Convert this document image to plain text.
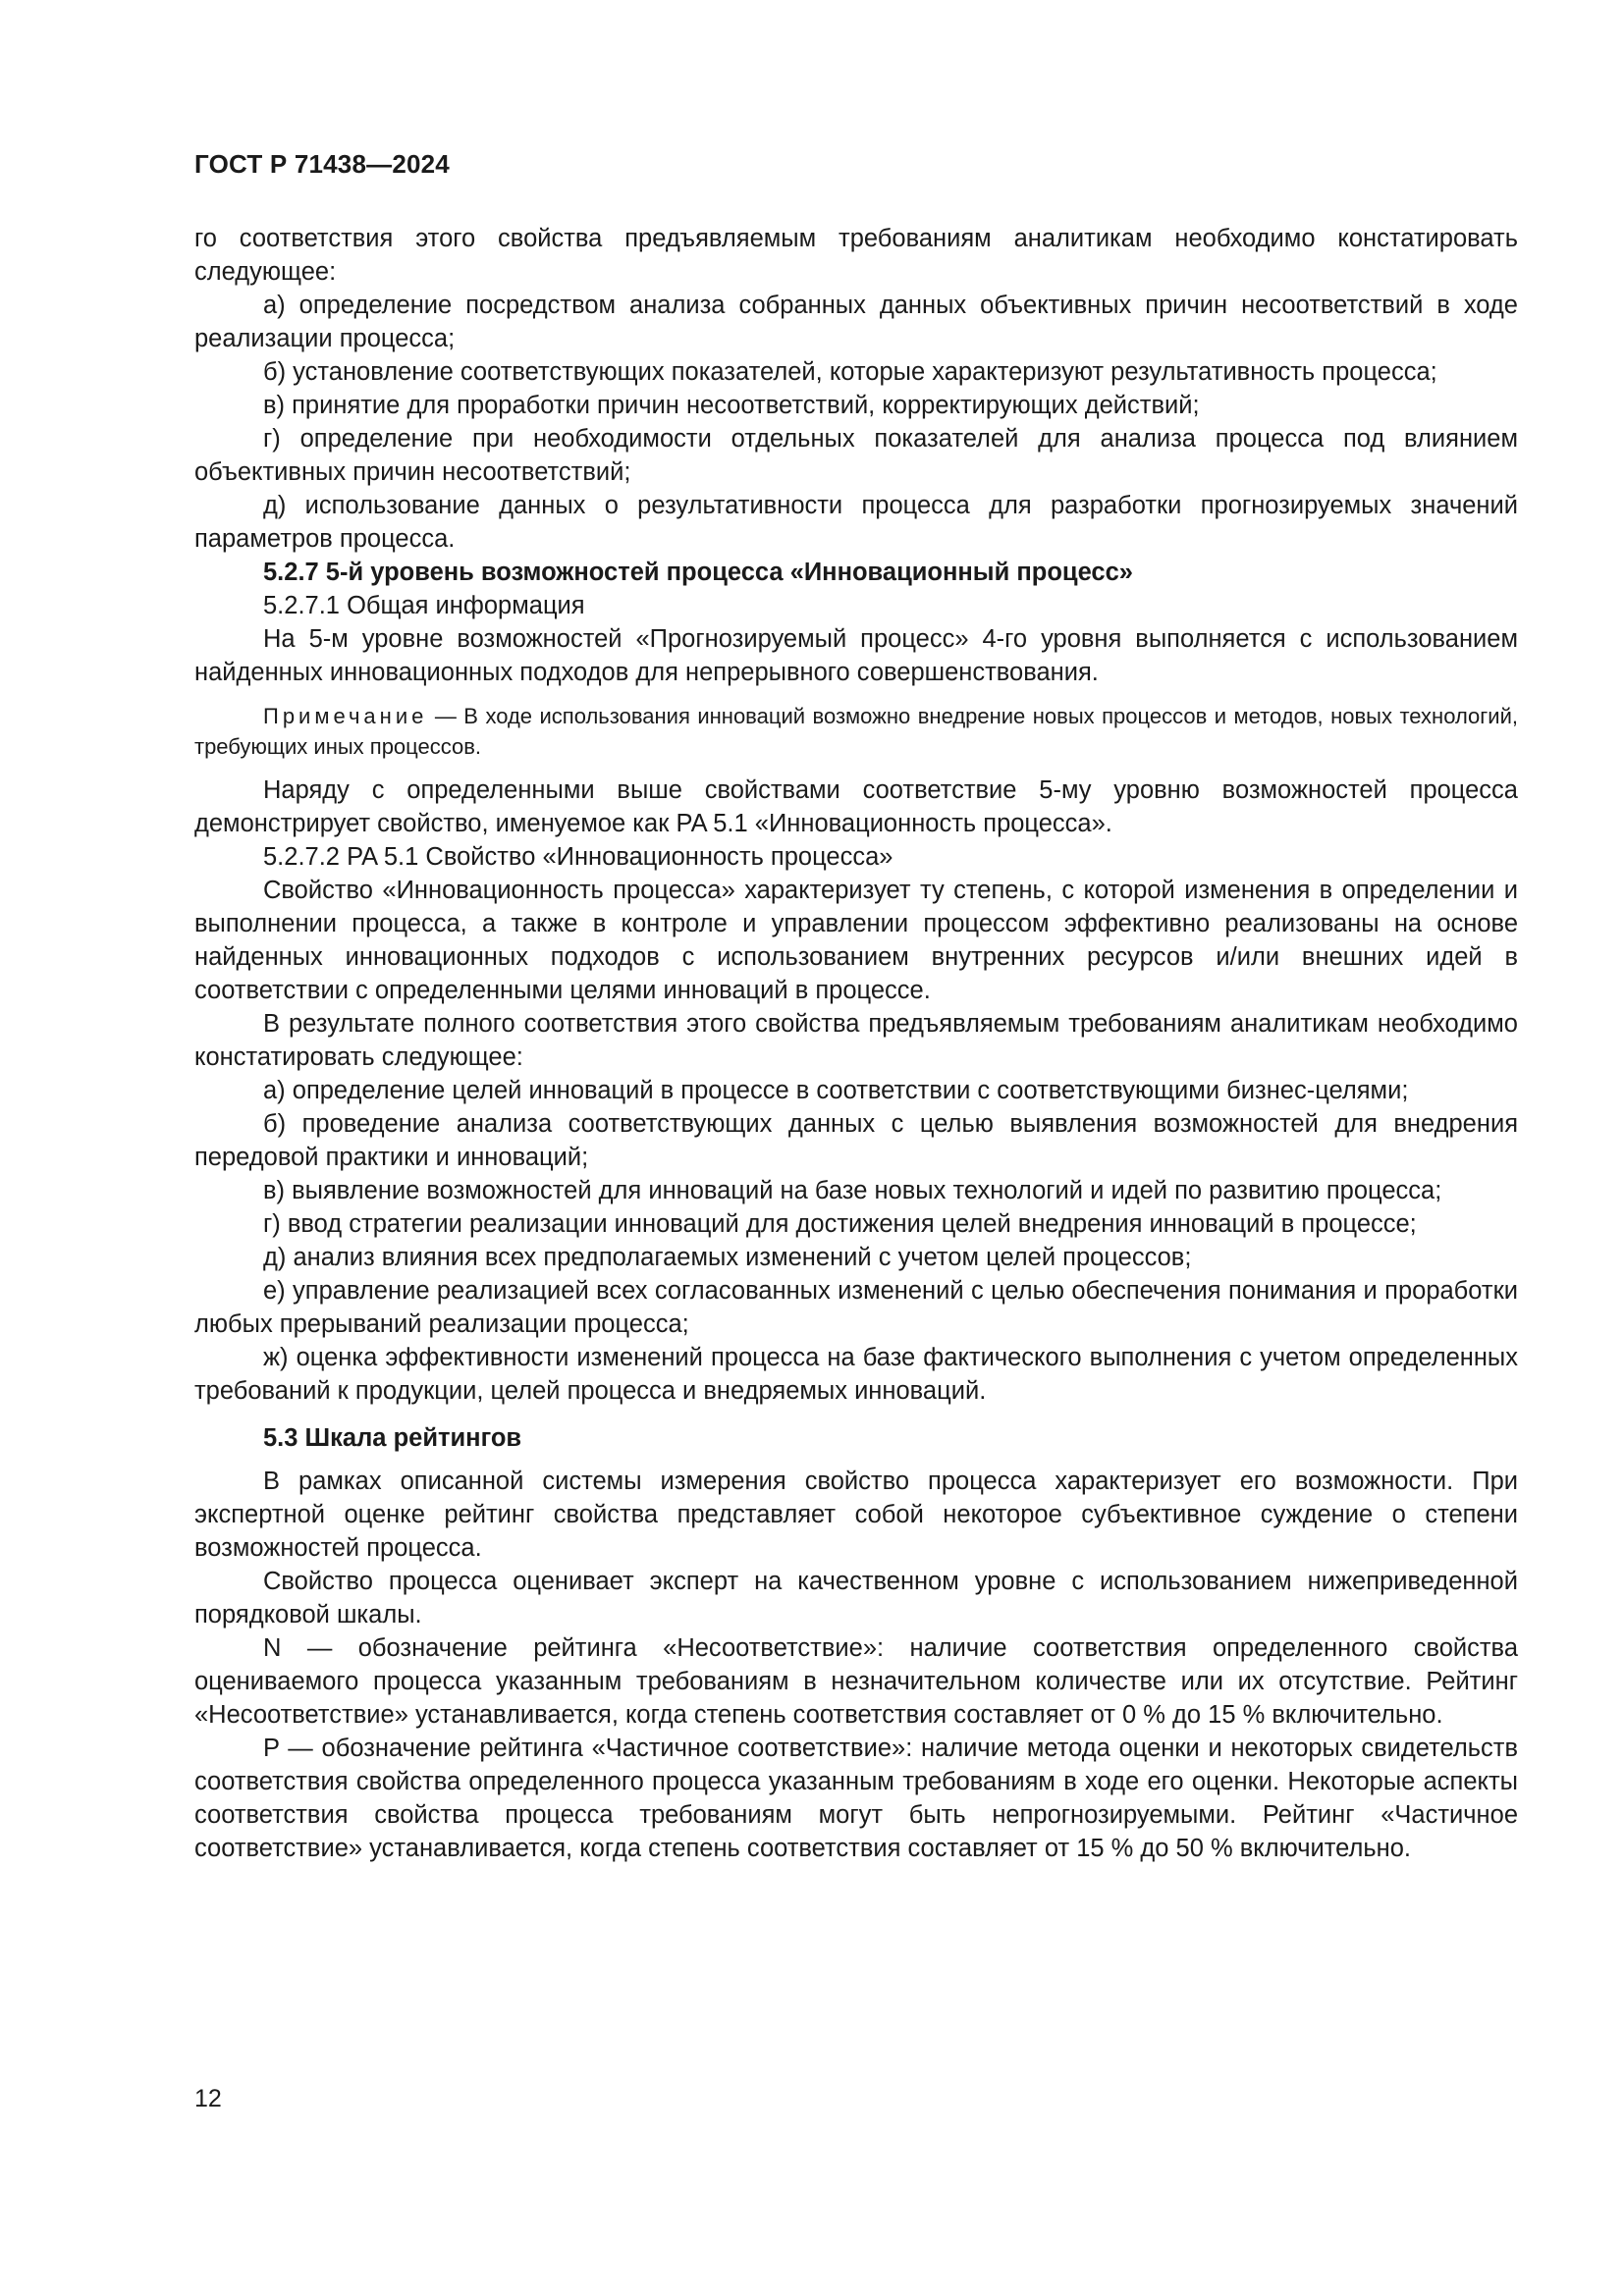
ГОСТ Р 71438—2024

го соответствия этого свойства предъявляемым требованиям аналитикам необходимо констатировать следующее:

а) определение посредством анализа собранных данных объективных причин несоответствий в ходе реализации процесса;

б) установление соответствующих показателей, которые характеризуют результативность процесса;

в) принятие для проработки причин несоответствий, корректирующих действий;

г) определение при необходимости отдельных показателей для анализа процесса под влиянием объективных причин несоответствий;

д) использование данных о результативности процесса для разработки прогнозируемых значений параметров процесса.

5.2.7 5-й уровень возможностей процесса «Инновационный процесс»

5.2.7.1 Общая информация

На 5-м уровне возможностей «Прогнозируемый процесс» 4-го уровня выполняется с использованием найденных инновационных подходов для непрерывного совершенствования.

Примечание — В ходе использования инноваций возможно внедрение новых процессов и методов, новых технологий, требующих иных процессов.

Наряду с определенными выше свойствами соответствие 5-му уровню возможностей процесса демонстрирует свойство, именуемое как PA 5.1 «Инновационность процесса».

5.2.7.2 PA 5.1 Свойство «Инновационность процесса»

Свойство «Инновационность процесса» характеризует ту степень, с которой изменения в определении и выполнении процесса, а также в контроле и управлении процессом эффективно реализованы на основе найденных инновационных подходов с использованием внутренних ресурсов и/или внешних идей в соответствии с определенными целями инноваций в процессе.

В результате полного соответствия этого свойства предъявляемым требованиям аналитикам необходимо констатировать следующее:

а) определение целей инноваций в процессе в соответствии с соответствующими бизнес-целями;

б) проведение анализа соответствующих данных с целью выявления возможностей для внедрения передовой практики и инноваций;

в) выявление возможностей для инноваций на базе новых технологий и идей по развитию процесса;

г) ввод стратегии реализации инноваций для достижения целей внедрения инноваций в процессе;

д) анализ влияния всех предполагаемых изменений с учетом целей процессов;

е) управление реализацией всех согласованных изменений с целью обеспечения понимания и проработки любых прерываний реализации процесса;

ж) оценка эффективности изменений процесса на базе фактического выполнения с учетом определенных требований к продукции, целей процесса и внедряемых инноваций.

5.3 Шкала рейтингов

В рамках описанной системы измерения свойство процесса характеризует его возможности. При экспертной оценке рейтинг свойства представляет собой некоторое субъективное суждение о степени возможностей процесса.

Свойство процесса оценивает эксперт на качественном уровне с использованием нижеприведенной порядковой шкалы.

N — обозначение рейтинга «Несоответствие»: наличие соответствия определенного свойства оцениваемого процесса указанным требованиям в незначительном количестве или их отсутствие. Рейтинг «Несоответствие» устанавливается, когда степень соответствия составляет от 0 % до 15 % включительно.

P — обозначение рейтинга «Частичное соответствие»: наличие метода оценки и некоторых свидетельств соответствия свойства определенного процесса указанным требованиям в ходе его оценки. Некоторые аспекты соответствия свойства процесса требованиям могут быть непрогнозируемыми. Рейтинг «Частичное соответствие» устанавливается, когда степень соответствия составляет от 15 % до 50 % включительно.

12
